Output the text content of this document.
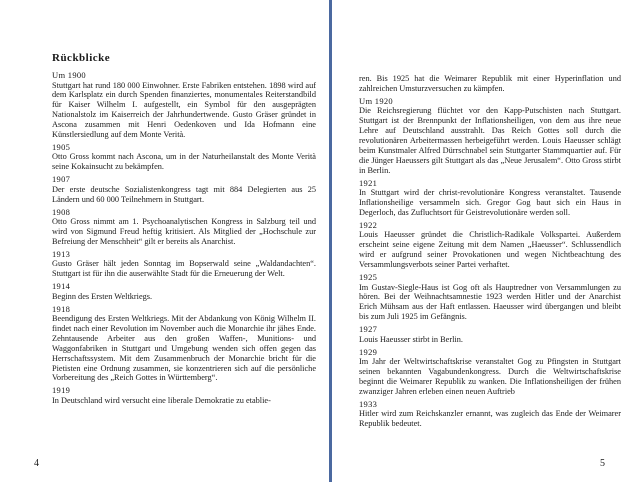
Rückblicke
Um 1900
Stuttgart hat rund 180 000 Einwohner. Erste Fabriken entstehen. 1898 wird auf dem Karlsplatz ein durch Spenden finanziertes, monumentales Reiterstandbild für Kaiser Wilhelm I. aufgestellt, ein Symbol für den ausgeprägten Nationalstolz im Kaiserreich der Jahrhundertwende. Gusto Gräser gründet in Ascona zusammen mit Henri Oedenkoven und Ida Hofmann eine Künstlersiedlung auf dem Monte Verità.
1905
Otto Gross kommt nach Ascona, um in der Naturheilanstalt des Monte Verità seine Kokainsucht zu bekämpfen.
1907
Der erste deutsche Sozialistenkongress tagt mit 884 Delegierten aus 25 Ländern und 60 000 Teilnehmern in Stuttgart.
1908
Otto Gross nimmt am 1. Psychoanalytischen Kongress in Salzburg teil und wird von Sigmund Freud heftig kritisiert. Als Mitglied der „Hochschule zur Befreiung der Menschheit“ gilt er bereits als Anarchist.
1913
Gusto Gräser hält jeden Sonntag im Bopserwald seine „Waldandachten“. Stuttgart ist für ihn die auserwählte Stadt für die Erneuerung der Welt.
1914
Beginn des Ersten Weltkriegs.
1918
Beendigung des Ersten Weltkriegs. Mit der Abdankung von König Wilhelm II. findet nach einer Revolution im November auch die Monarchie ihr jähes Ende. Zehntausende Arbeiter aus den großen Waffen-, Munitions- und Waggonfabriken in Stuttgart und Umgebung wenden sich offen gegen das Herrschaftssystem. Mit dem Zusammenbruch der Monarchie bricht für die Pietisten eine Ordnung zusammen, sie konzentrieren sich auf die persönliche Vorbereitung des „Reich Gottes in Württemberg“.
1919
In Deutschland wird versucht eine liberale Demokratie zu etablie-
4
ren. Bis 1925 hat die Weimarer Republik mit einer Hyperinflation und zahlreichen Umsturzversuchen zu kämpfen.
Um 1920
Die Reichsregierung flüchtet vor den Kapp-Putschisten nach Stuttgart. Stuttgart ist der Brennpunkt der Inflationsheiligen, von dem aus ihre neue Lehre auf Deutschland ausstrahlt. Das Reich Gottes soll durch die revolutionären Arbeitermassen herbeigeführt werden. Louis Haeusser schlägt beim Kunstmaler Alfred Dürrschnabel sein Stuttgarter Stammquartier auf. Für die Jünger Haeussers gilt Stuttgart als das „Neue Jerusalem“. Otto Gross stirbt in Berlin.
1921
In Stuttgart wird der christ-revolutionäre Kongress veranstaltet. Tausende Inflationsheilige versammeln sich. Gregor Gog baut sich ein Haus in Degerloch, das Zufluchtsort für Geistrevolutionäre werden soll.
1922
Louis Haeusser gründet die Christlich-Radikale Volkspartei. Außerdem erscheint seine eigene Zeitung mit dem Namen „Haeusser“. Schlussendlich wird er aufgrund seiner Provokationen und wegen Nichtbeachtung des Versammlungsverbots seiner Partei verhaftet.
1925
Im Gustav-Siegle-Haus ist Gog oft als Hauptredner von Versammlungen zu hören. Bei der Weihnachtsamnestie 1923 werden Hitler und der Anarchist Erich Mühsam aus der Haft entlassen. Haeusser wird übergangen und bleibt bis zum Juli 1925 im Gefängnis.
1927
Louis Haeusser stirbt in Berlin.
1929
Im Jahr der Weltwirtschaftskrise veranstaltet Gog zu Pfingsten in Stuttgart seinen bekannten Vagabundenkongress. Durch die Weltwirtschaftskrise beginnt die Weimarer Republik zu wanken. Die Inflationsheiligen der frühen zwanziger Jahren erleben einen neuen Auftrieb
1933
Hitler wird zum Reichskanzler ernannt, was zugleich das Ende der Weimarer Republik bedeutet.
5
